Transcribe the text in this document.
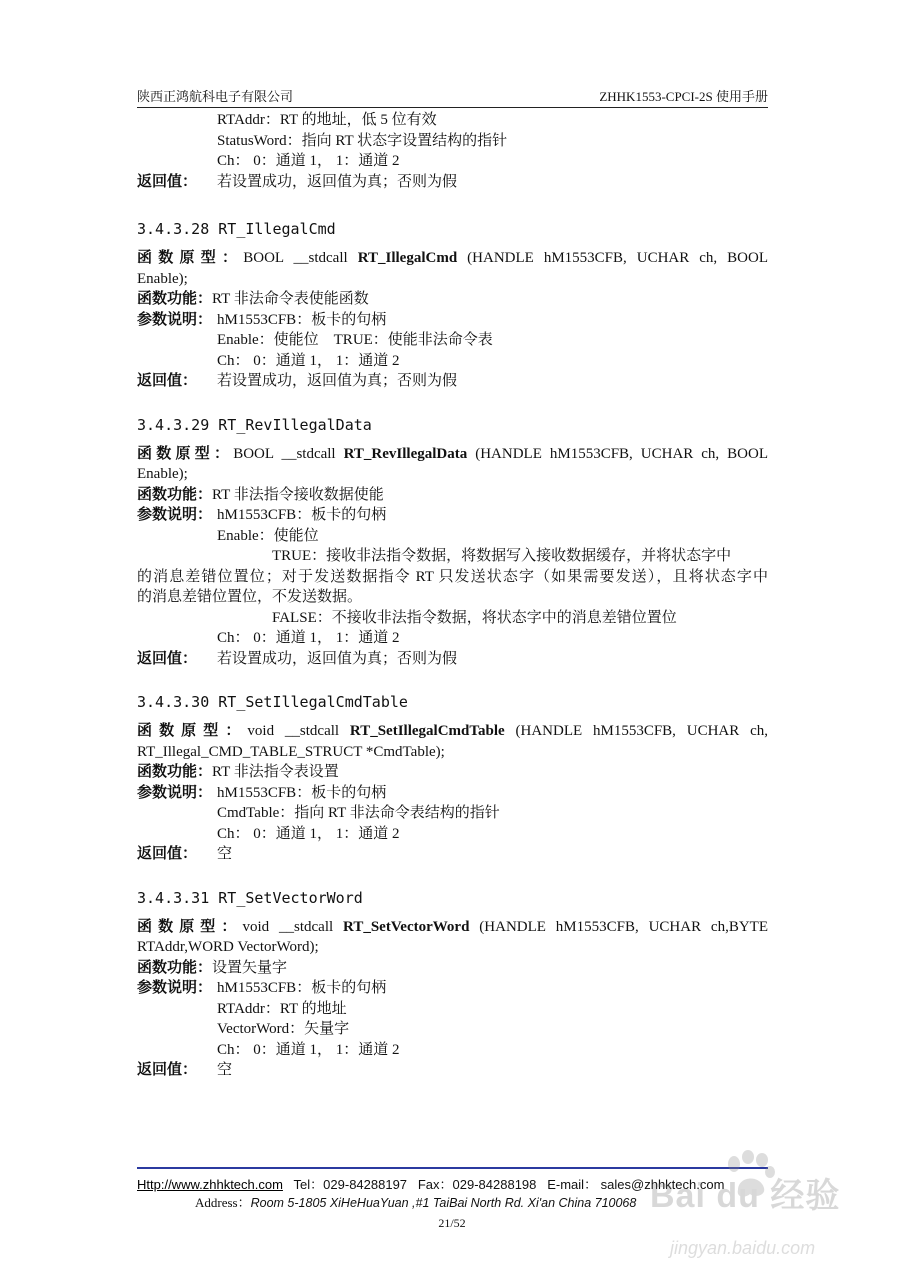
陕西正鸿航科电子有限公司	ZHHK1553-CPCI-2S 使用手册
RTAddr：RT 的地址，低 5 位有效
StatusWord：指向 RT 状态字设置结构的指针
Ch： 0：通道 1， 1：通道 2
返回值： 若设置成功，返回值为真；否则为假
3.4.3.28 RT_IllegalCmd
函数原型：BOOL __stdcall RT_IllegalCmd (HANDLE hM1553CFB, UCHAR ch, BOOL
Enable);
函数功能：RT 非法命令表使能函数
参数说明： hM1553CFB：板卡的句柄
Enable：使能位    TRUE：使能非法命令表
Ch： 0：通道 1， 1：通道 2
返回值： 若设置成功，返回值为真；否则为假
3.4.3.29 RT_RevIllegalData
函数原型：BOOL __stdcall RT_RevIllegalData (HANDLE hM1553CFB, UCHAR ch, BOOL
Enable);
函数功能：RT 非法指令接收数据使能
参数说明： hM1553CFB：板卡的句柄
Enable：使能位
TRUE：接收非法指令数据，将数据写入接收数据缓存，并将状态字中
的消息差错位置位；对于发送数据指令 RT 只发送状态字（如果需要发送），且将状态字中
的消息差错位置位，不发送数据。
FALSE：不接收非法指令数据，将状态字中的消息差错位置位
Ch： 0：通道 1， 1：通道 2
返回值： 若设置成功，返回值为真；否则为假
3.4.3.30 RT_SetIllegalCmdTable
函数原型：void __stdcall RT_SetIllegalCmdTable (HANDLE hM1553CFB, UCHAR ch,
RT_Illegal_CMD_TABLE_STRUCT *CmdTable);
函数功能：RT 非法指令表设置
参数说明： hM1553CFB：板卡的句柄
CmdTable：指向 RT 非法命令表结构的指针
Ch： 0：通道 1， 1：通道 2
返回值： 空
3.4.3.31 RT_SetVectorWord
函数原型：void __stdcall RT_SetVectorWord (HANDLE hM1553CFB, UCHAR ch,BYTE
RTAddr,WORD VectorWord);
函数功能：设置矢量字
参数说明： hM1553CFB：板卡的句柄
RTAddr：RT 的地址
VectorWord：矢量字
Ch： 0：通道 1， 1：通道 2
返回值： 空
Http://www.zhhktech.com   Tel：029-84288197   Fax：029-84288198   E-mail： sales@zhhktech.com
Address：Room 5-1805 XiHeHuaYuan ,#1 TaiBai North Rd. Xi'an China 710068
21/52
Bai du 经验
jingyan.baidu.com
